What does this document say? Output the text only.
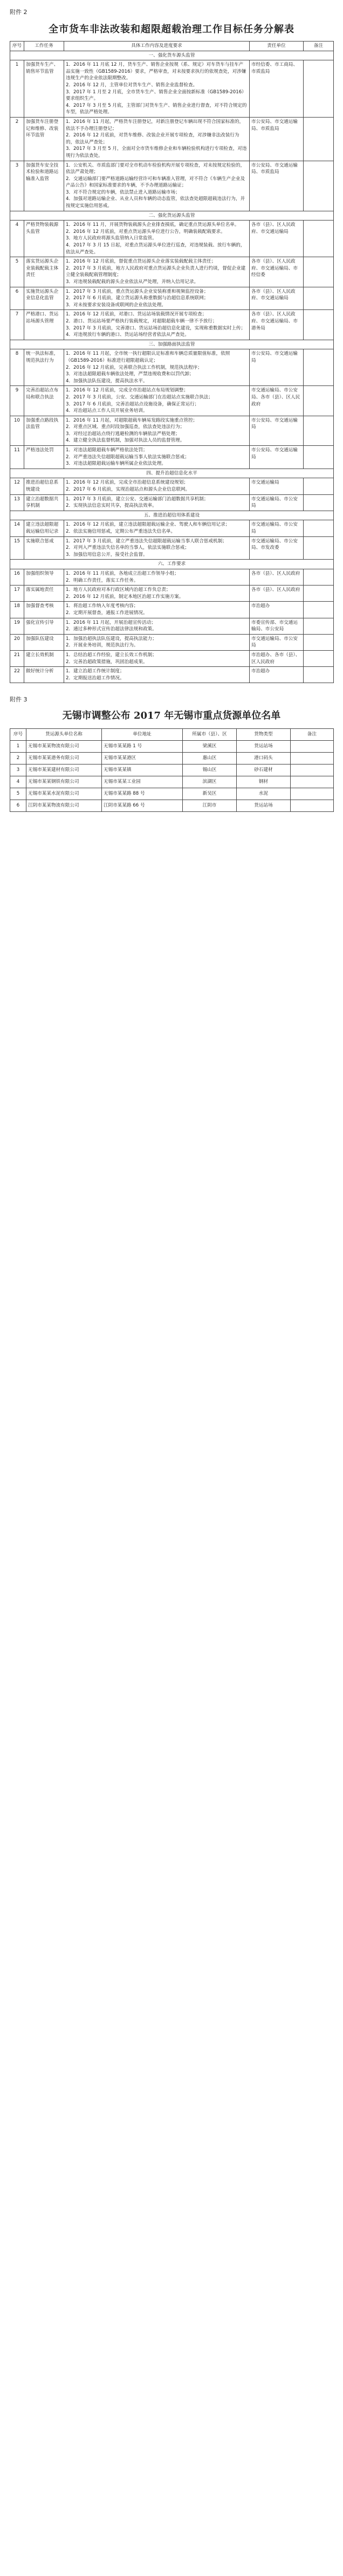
附件 2
全市货车非法改装和超限超载治理工作目标任务分解表
序号	工作任务	具体工作内容及进度要求	责任单位	备注
一、强化货车源头监管				
1	加强货车生产、销售环节监管	1．2016 年 11 月底 12 月，货车生产、销售企业按规（系、规定）对车货车与挂车产品实施一致性（GB1589-2016）要求，严格审查，对未按要求执行的依规查处，对涉嫌违规生产的企业依法限期整改。
2．2016 年 12 月，主管单位对货车生产、销售企业监督检查。
3．2017 年 1 月至 2 月底，全市货车生产、销售企业全面按新标准（GB1589-2016）要求组织生产。
4．2017 年 3 月至 5 月底，主管部门对货车生产、销售企业进行督查，对不符合规定的车型，依法严格处理。	市经信委、市工商局、市质监局	
2	加强货车注册登记和维修、改装环节监管	1．2016 年 11 月起，严格货车注册登记，对新注册登记车辆出现不符合国家标准的，依法不予办理注册登记；
2．2016 年 12 月底前，对货车维修、改装企业开展专项检查，对涉嫌非法改装行为的，依法从严查处；
3．2017 年 3 月至 5 月，全面对全市货车维修企业和车辆检验机构进行专项检查，对违规行为依法查处。	市公安局、市交通运输局、市质监局	
3	加强货车安全技术检验和道路运输准入监管	1．公安机关、市质监部门要对全市机动车检验机构开展专项检查，对未按规定检验的，依法严肃处理；
2．交通运输部门要严格道路运输经营许可和车辆准入管理，对不符合《车辆生产企业及产品公告》和国家标准要求的车辆，不予办理道路运输证；
3．对不符合规定的车辆，依法禁止进入道路运输市场；
4．加强对道路运输企业、从业人员和车辆的动态监管，依法查处超限超载违法行为，并按规定实施信用惩戒。	市公安局、市交通运输局、市质监局	
二、强化货运源头监管				
4	严格货物装载源头监管	1．2016 年 11 月，开展货物装载源头企业排查摸底，确定重点货运源头单位名单。
2．2016 年 12 月底前，对重点货运源头单位进行公告，明确装载配载要求。
3．地方人民政府将源头监管纳入日常监管。
4．2017 年 3 月 15 日起，对重点货运源头单位进行巡查，对违规装载、放行车辆的，依法从严查处。	各市（县）、区人民政府、市交通运输局	
5	落实货运源头企业装载配载主体责任	1．2016 年 12 月底前，督促重点货运源头企业落实装载配载主体责任；
2．2017 年 3 月底前，地方人民政府对重点货运源头企业负责人进行约谈，督促企业建立健全装载配载管理制度；
3．对违规装载配载的源头企业依法从严处理，并纳入信用记录。	各市（县）、区人民政府、市交通运输局、市经信委	
6	实施货运源头企业信息化监管	1．2017 年 3 月底前，重点货运源头企业安装称重和视频监控设备；
2．2017 年 6 月底前，建立货运源头称重数据与治超信息系统联网；
3．对未按要求安装设备或联网的企业依法处理。	各市（县）、区人民政府、市交通运输局	
7	严格港口、货运站场源头管理	1．2016 年 12 月底前，对港口、货运站场装载情况开展专项检查；
2．港口、货运站场要严格执行装载规定，对超限超载车辆一律不予放行；
3．2017 年 3 月底前，完善港口、货运站场治超信息化建设，实现称重数据实时上传；
4．对违规放行车辆的港口、货运站场经营者依法从严查处。	各市（县）、区人民政府、市交通运输局、市港务局	
三、加强路面执法监管				
8	统一执法标准，规范执法行为	1．2016 年 11 月起，全市统一执行超限认定标准和车辆总质量限值标准，依照（GB1589-2016）标准进行超限超载认定；
2．2016 年 12 月底前，完善联合执法工作机制，规范执法程序；
3．对违法超限超载车辆依法处理，严禁违规收费和以罚代卸；
4．加强执法队伍建设，提高执法水平。	市公安局、市交通运输局	
9	完善治超站点布局和联合执法	1．2016 年 12 月底前，完成全市治超站点布局规划调整；
2．2017 年 3 月底前，公安、交通运输部门在治超站点实施联合执法；
3．2017 年 6 月底前，完善治超站点设施设备，确保正常运行；
4．对治超站点工作人员开展业务培训。	市交通运输局、市公安局、各市（县）、区人民政府	
10	加强重点路段执法监管	1．2016 年 11 月起，对超限超载车辆易发路段实施重点管控；
2．对重点区域、重点时段加强巡查，依法查处违法行为；
3．对经过治超站点绕行逃避检测的车辆依法严格处理；
4．建立健全执法监督机制，加强对执法人员的监督管理。	市公安局、市交通运输局	
11	严格违法处罚	1．对违法超限超载车辆严格依法处罚；
2．对严重违法失信超限超载运输当事人依法实施联合惩戒；
3．对违法超限超载运输车辆所属企业依法处理。	市公安局、市交通运输局	
四、提升治超信息化水平				
12	推进治超信息系统建设	1．2016 年 12 月底前，完成全市治超信息系统建设规划；
2．2017 年 6 月底前，实现治超站点和源头企业信息联网。	市交通运输局	
13	建立治超数据共享机制	1．2017 年 3 月底前，建立公安、交通运输部门治超数据共享机制；
2．实现执法信息实时共享，提高执法效率。	市交通运输局、市公安局	
五、推进治超信用体系建设				
14	建立违法超限超载运输信用记录	1．2016 年 12 月底前，建立违法超限超载运输企业、驾驶人和车辆信用记录；
2．依法实施信用惩戒，定期公布严重违法失信名单。	市交通运输局、市公安局	
15	实施联合惩戒	1．2017 年 3 月底前，建立严重违法失信超限超载运输当事人联合惩戒机制；
2．对列入严重违法失信名单的当事人，依法实施联合惩戒；
3．加强信用信息公开，接受社会监督。	市交通运输局、市公安局、市发改委	
六、工作要求				
16	加强组织领导	1．2016 年 11 月底前，各地成立治超工作领导小组；
2．明确工作责任，落实工作任务。	各市（县）、区人民政府	
17	落实属地责任	1．地方人民政府对本行政区域内治超工作负总责；
2．2016 年 12 月底前，制定本地区治超工作实施方案。	各市（县）、区人民政府	
18	加强督查考核	1．将治超工作纳入年度考核内容；
2．定期开展督查，通报工作进展情况。	市治超办	
19	强化宣传引导	1．2016 年 11 月起，开展治超宣传活动；
2．通过多种形式宣传治超法律法规和政策。	市委宣传部、市交通运输局、市公安局	
20	加强队伍建设	1．加强治超执法队伍建设，提高执法能力；
2．开展业务培训，规范执法行为。	市交通运输局、市公安局	
21	建立长效机制	1．总结治超工作经验，建立长效工作机制；
2．完善治超政策措施，巩固治超成果。	市治超办、各市（县）、区人民政府	
22	做好统计分析	1．建立治超工作统计制度；
2．定期报送治超工作情况。	市治超办	
附件 3
无锡市调整公布 2017 年无锡市重点货源单位名单
序号	货运源头单位名称	单位地址	所属市（县）、区	货物类型	备注
1	无锡市某某物流有限公司	无锡市某某路 1 号	梁溪区	货运站场	
2	无锡市某某港务有限公司	无锡市某某港区	惠山区	港口码头	
3	无锡市某某建材有限公司	无锡市某某镇	锡山区	砂石建材	
4	无锡市某某钢铁有限公司	无锡市某某工业园	滨湖区	钢材	
5	无锡市某某水泥有限公司	无锡市某某路 88 号	新吴区	水泥	
6	江阴市某某物流有限公司	江阴市某某路 66 号	江阴市	货运站场	
